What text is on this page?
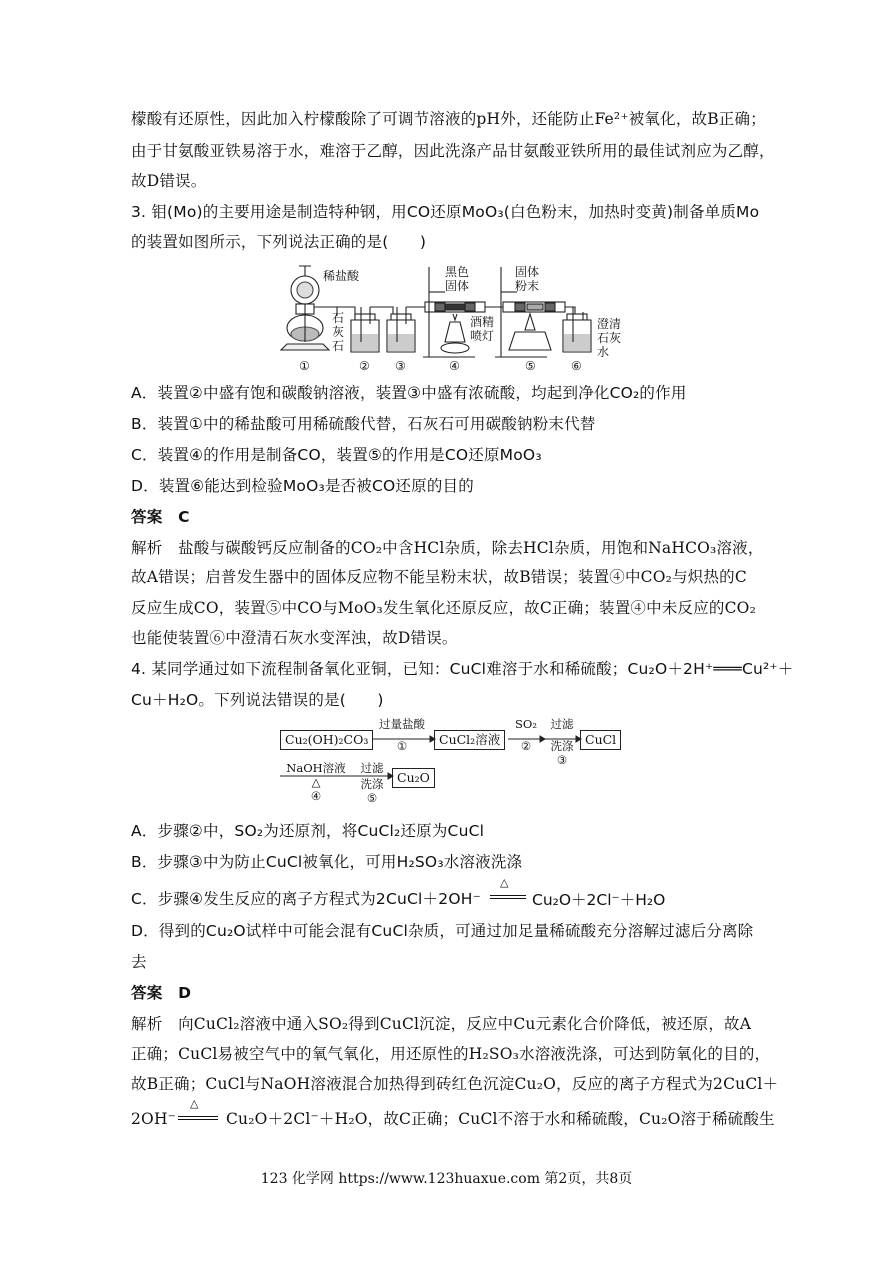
檬酸有还原性，因此加入柠檬酸除了可调节溶液的pH外，还能防止Fe²⁺被氧化，故B正确；
由于甘氨酸亚铁易溶于水，难溶于乙醇，因此洗涤产品甘氨酸亚铁所用的最佳试剂应为乙醇，
故D错误。
3. 钼(Mo)的主要用途是制造特种钢，用CO还原MoO₃(白色粉末，加热时变黄)制备单质Mo
的装置如图所示，下列说法正确的是(　　)
A．装置②中盛有饱和碳酸钠溶液，装置③中盛有浓硫酸，均起到净化CO₂的作用
B．装置①中的稀盐酸可用稀硫酸代替，石灰石可用碳酸钠粉末代替
C．装置④的作用是制备CO，装置⑤的作用是CO还原MoO₃
D．装置⑥能达到检验MoO₃是否被CO还原的目的
答案　C
解析　盐酸与碳酸钙反应制备的CO₂中含HCl杂质，除去HCl杂质，用饱和NaHCO₃溶液，
故A错误；启普发生器中的固体反应物不能呈粉末状，故B错误；装置④中CO₂与炽热的C
反应生成CO，装置⑤中CO与MoO₃发生氧化还原反应，故C正确；装置④中未反应的CO₂
也能使装置⑥中澄清石灰水变浑浊，故D错误。
4. 某同学通过如下流程制备氧化亚铜，已知：CuCl难溶于水和稀硫酸；Cu₂O＋2H⁺═══Cu²⁺＋
Cu＋H₂O。下列说法错误的是(　　)
A．步骤②中，SO₂为还原剂，将CuCl₂还原为CuCl
B．步骤③中为防止CuCl被氧化，可用H₂SO₃水溶液洗涤
C．步骤④发生反应的离子方程式为2CuCl＋2OH⁻
D．得到的Cu₂O试样中可能会混有CuCl杂质，可通过加足量稀硫酸充分溶解过滤后分离除
去
答案　D
解析　向CuCl₂溶液中通入SO₂得到CuCl沉淀，反应中Cu元素化合价降低，被还原，故A
正确；CuCl易被空气中的氧气氧化，用还原性的H₂SO₃水溶液洗涤，可达到防氧化的目的，
故B正确；CuCl与NaOH溶液混合加热得到砖红色沉淀Cu₂O，反应的离子方程式为2CuCl＋
2OH⁻	Cu₂O＋2Cl⁻＋H₂O，故C正确；CuCl不溶于水和稀硫酸，Cu₂O溶于稀硫酸生
稀盐酸
石
灰
石
黑色
固体
酒精
喷灯
固体
粉末
澄清
石灰
水
①	② ③	④	⑤	⑥
Cu₂(OH)₂CO₃
过量盐酸
①	CuCl₂溶液
SO₂
②
过滤
洗涤
③
CuCl
NaOH溶液
△
④
过滤
洗涤
⑤
Cu₂O
△
Cu₂O＋2Cl⁻＋H₂O
△
123 化学网 https://www.123huaxue.com 第2页，共8页
